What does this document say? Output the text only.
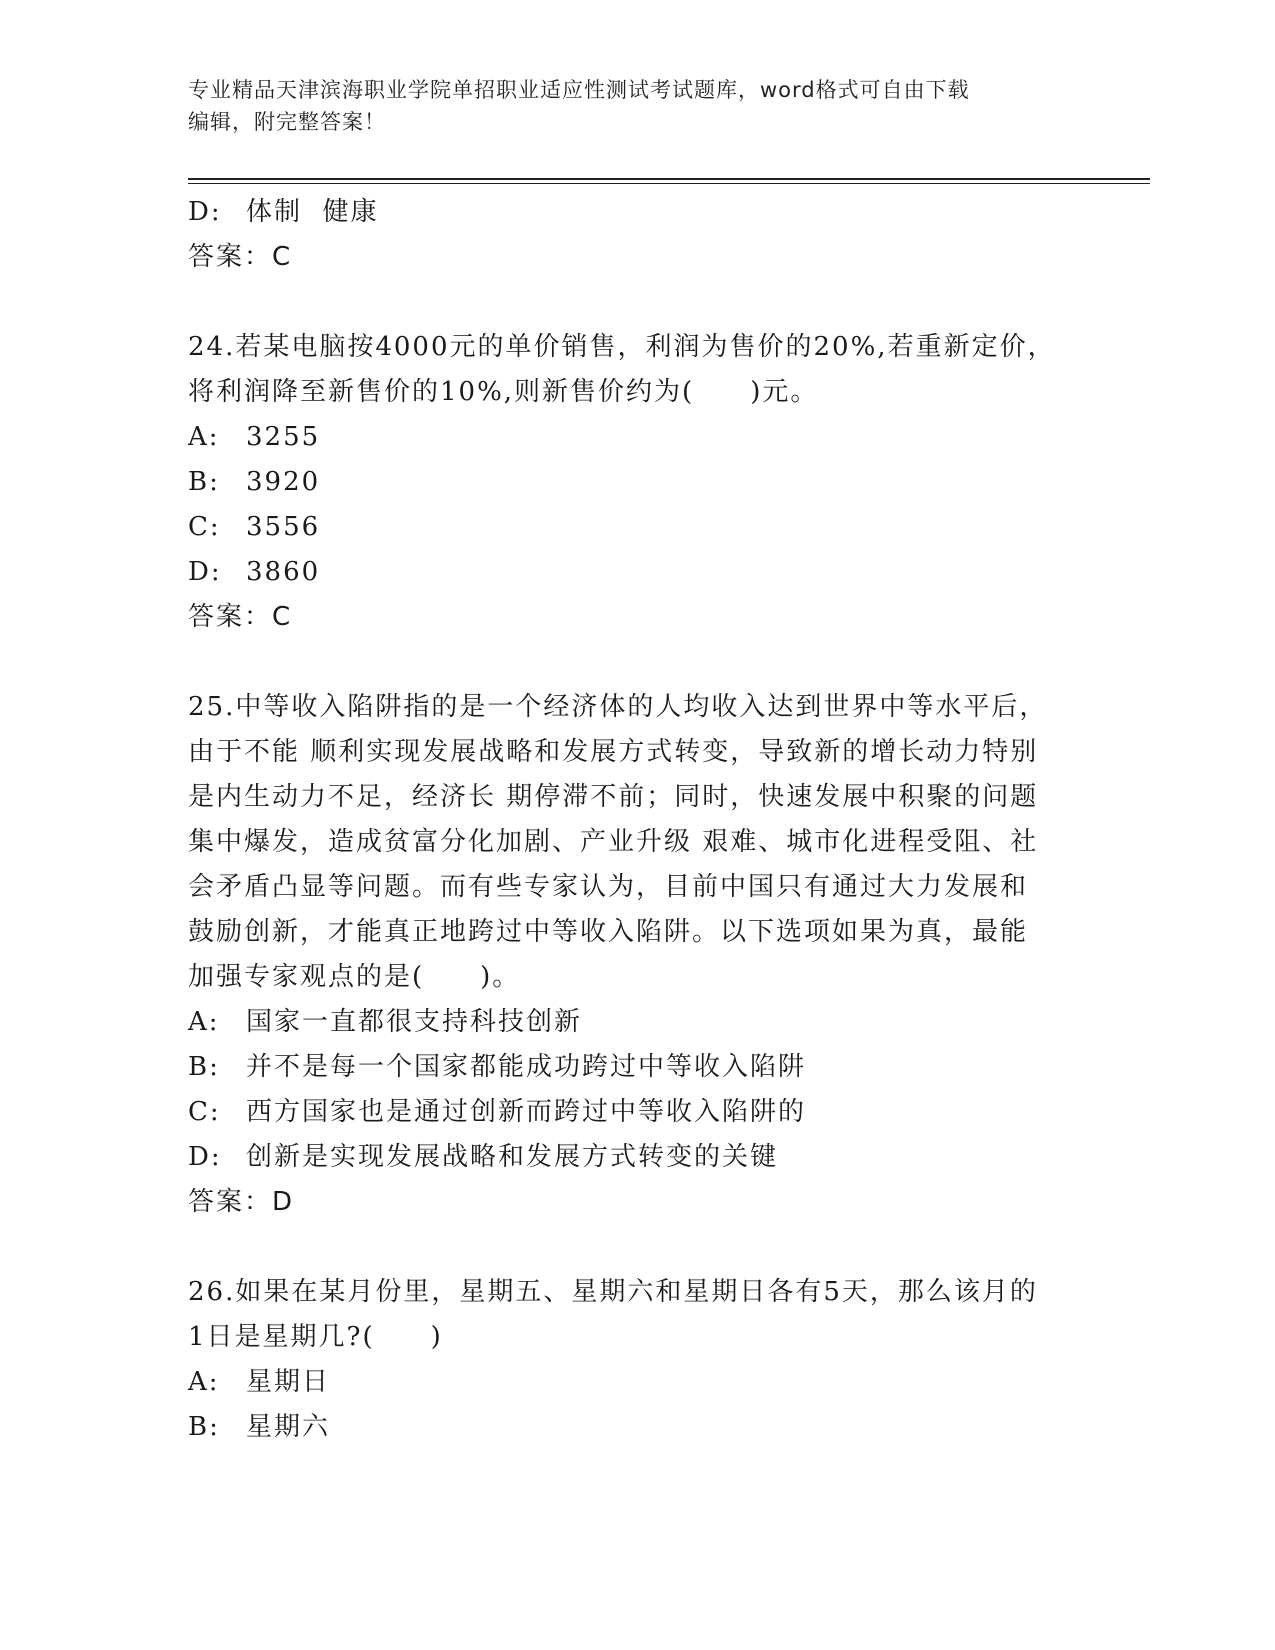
专业精品天津滨海职业学院单招职业适应性测试考试题库，word格式可自由下载
编辑，附完整答案！
D: 体制  健康
答案：C
24.若某电脑按4000元的单价销售，利润为售价的20%,若重新定价，
将利润降至新售价的10%,则新售价约为(　　)元。
A:	3255
B:	3920
C: 3556
D: 3860
答案：C
25.中等收入陷阱指的是一个经济体的人均收入达到世界中等水平后，
由于不能 顺利实现发展战略和发展方式转变，导致新的增长动力特别
是内生动力不足，经济长 期停滞不前；同时，快速发展中积聚的问题
集中爆发，造成贫富分化加剧、产业升级 艰难、城市化进程受阻、社
会矛盾凸显等问题。而有些专家认为，目前中国只有通过大力发展和
鼓励创新，才能真正地跨过中等收入陷阱。以下选项如果为真，最能
加强专家观点的是(　　)。
A:	国家一直都很支持科技创新
B:	并不是每一个国家都能成功跨过中等收入陷阱
C: 西方国家也是通过创新而跨过中等收入陷阱的
D: 创新是实现发展战略和发展方式转变的关键
答案：D
26.如果在某月份里，星期五、星期六和星期日各有5天，那么该月的
1日是星期几?(　　)
A:	星期日
B:	星期六
